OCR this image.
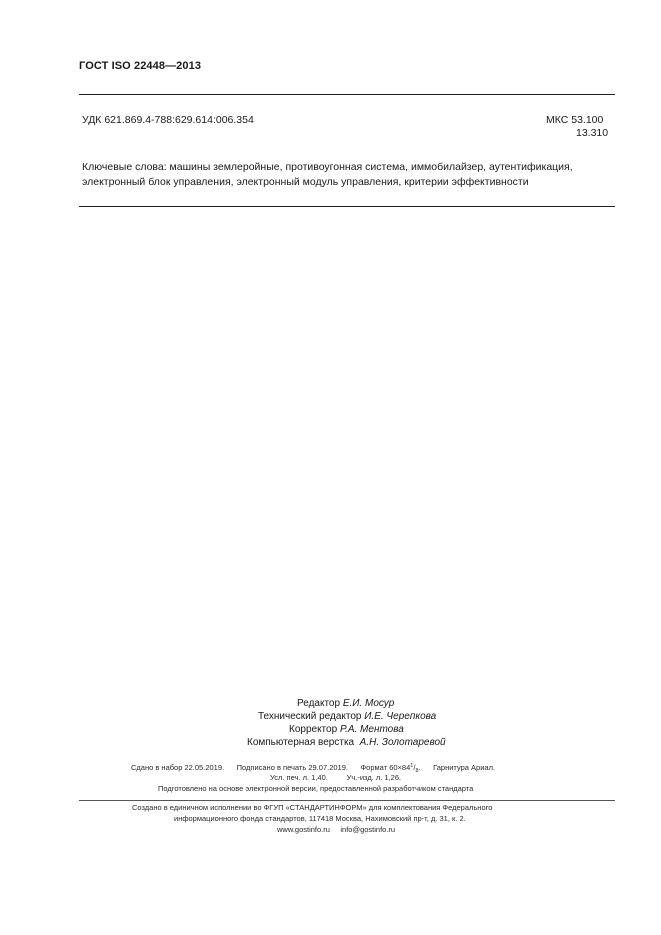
ГОСТ ISO 22448—2013
УДК 621.869.4-788:629.614:006.354	МКС 53.100
13.310
Ключевые слова: машины землеройные, противоугонная система, иммобилайзер, аутентификация, электронный блок управления, электронный модуль управления, критерии эффективности
Редактор Е.И. Мосур
Технический редактор И.Е. Черепкова
Корректор Р.А. Ментова
Компьютерная верстка А.Н. Золотаревой
Сдано в набор 22.05.2019. Подписано в печать 29.07.2019. Формат $60\times 84^1/_8$. Гарнитура Ариал.
Усл. печ. л. 1,40.	Уч.-изд. л. 1,26.
Подготовлено на основе электронной версии, предоставленной разработчиком стандарта
Создано в единичном исполнении во ФГУП «СТАНДАРТИНФОРМ» для комплектования Федерального
информационного фонда стандартов, 117418 Москва, Нахимовский пр-т, д. 31, к. 2.
www.gostinfo.ru info@gostinfo.ru
